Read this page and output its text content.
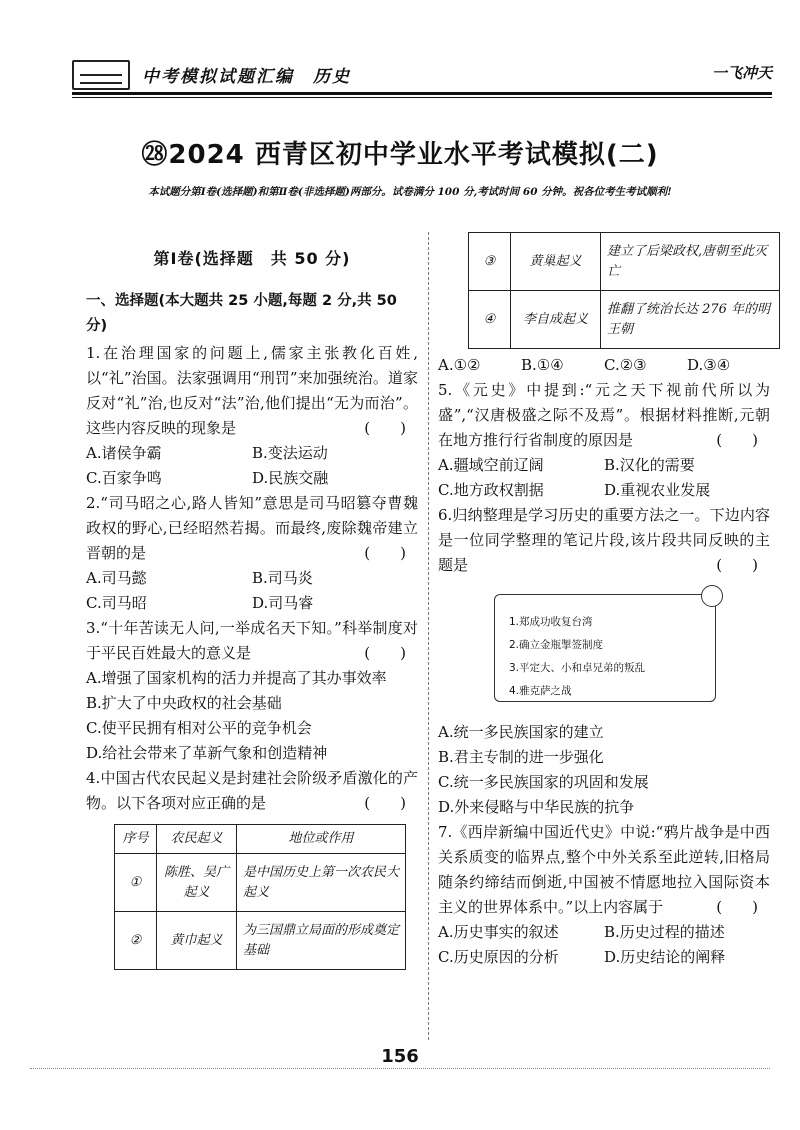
中考模拟试题汇编　历史	一飞冲天
㉘2024 西青区初中学业水平考试模拟(二)
本试题分第Ⅰ卷(选择题)和第Ⅱ卷(非选择题)两部分。试卷满分 100 分,考试时间 60 分钟。祝各位考生考试顺利!
第Ⅰ卷(选择题　共 50 分)
一、选择题(本大题共 25 小题,每题 2 分,共 50 分)
1.在治理国家的问题上,儒家主张教化百姓,以“礼”治国。法家强调用“刑罚”来加强统治。道家反对“礼”治,也反对“法”治,他们提出“无为而治”。这些内容反映的现象是	(　　)
A.诸侯争霸	B.变法运动
C.百家争鸣	D.民族交融
2.“司马昭之心,路人皆知”意思是司马昭篡夺曹魏政权的野心,已经昭然若揭。而最终,废除魏帝建立晋朝的是	(　　)
A.司马懿	B.司马炎
C.司马昭	D.司马睿
3.“十年苦读无人问,一举成名天下知。”科举制度对于平民百姓最大的意义是	(　　)
A.增强了国家机构的活力并提高了其办事效率
B.扩大了中央政权的社会基础
C.使平民拥有相对公平的竞争机会
D.给社会带来了革新气象和创造精神
4.中国古代农民起义是封建社会阶级矛盾激化的产物。以下各项对应正确的是	(　　)
序号	农民起义	地位或作用
①	陈胜、吴广起义	是中国历史上第一次农民大起义
②	黄巾起义	为三国鼎立局面的形成奠定基础
③	黄巢起义	建立了后梁政权,唐朝至此灭亡
④	李自成起义	推翻了统治长达 276 年的明王朝
A.①②	B.①④	C.②③	D.③④
5.《元史》中提到:“元之天下视前代所以为盛”,“汉唐极盛之际不及焉”。根据材料推断,元朝在地方推行行省制度的原因是	(　　)
A.疆域空前辽阔	B.汉化的需要
C.地方政权割据	D.重视农业发展
6.归纳整理是学习历史的重要方法之一。下边内容是一位同学整理的笔记片段,该片段共同反映的主题是	(　　)
1.郑成功收复台湾
2.确立金瓶掣签制度
3.平定大、小和卓兄弟的叛乱
4.雅克萨之战
A.统一多民族国家的建立
B.君主专制的进一步强化
C.统一多民族国家的巩固和发展
D.外来侵略与中华民族的抗争
7.《西岸新编中国近代史》中说:“鸦片战争是中西关系质变的临界点,整个中外关系至此逆转,旧格局随条约缔结而倒逝,中国被不情愿地拉入国际资本主义的世界体系中。”以上内容属于	(　　)
A.历史事实的叙述	B.历史过程的描述
C.历史原因的分析	D.历史结论的阐释
156
